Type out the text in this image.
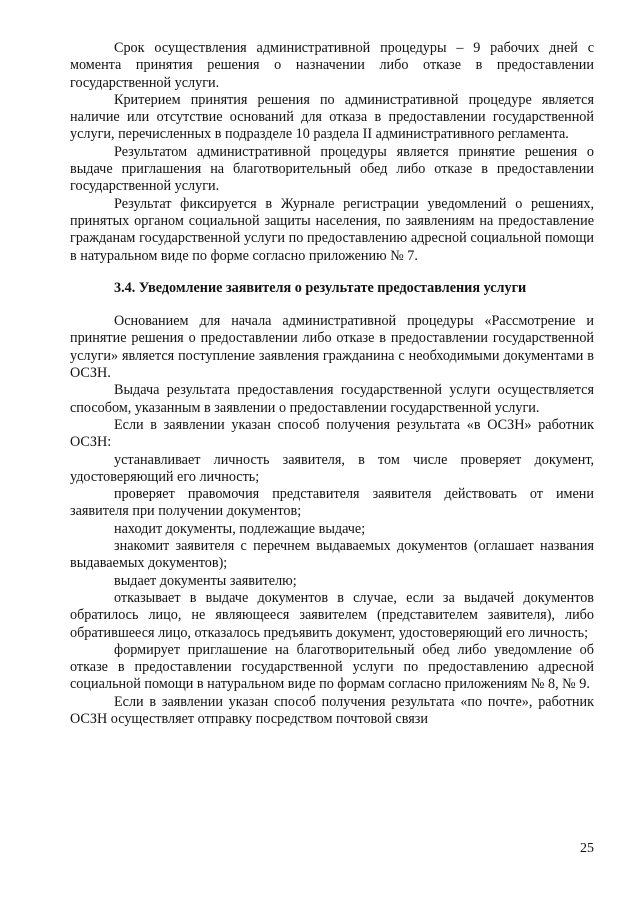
Срок осуществления административной процедуры – 9 рабочих дней с момента принятия решения о назначении либо отказе в предоставлении государственной услуги.

Критерием принятия решения по административной процедуре является наличие или отсутствие оснований для отказа в предоставлении государственной услуги, перечисленных в подразделе 10 раздела II административного регламента.

Результатом административной процедуры является принятие решения о выдаче приглашения на благотворительный обед либо отказе в предоставлении государственной услуги.

Результат фиксируется в Журнале регистрации уведомлений о решениях, принятых органом социальной защиты населения, по заявлениям на предоставление гражданам государственной услуги по предоставлению адресной социальной помощи в натуральном виде по форме согласно приложению № 7.

3.4. Уведомление заявителя о результате предоставления услуги

Основанием для начала административной процедуры «Рассмотрение и принятие решения о предоставлении либо отказе в предоставлении государственной услуги» является поступление заявления гражданина с необходимыми документами в ОСЗН.

Выдача результата предоставления государственной услуги осуществляется способом, указанным в заявлении о предоставлении государственной услуги.

Если в заявлении указан способ получения результата «в ОСЗН» работник ОСЗН:

устанавливает личность заявителя, в том числе проверяет документ, удостоверяющий его личность;

проверяет правомочия представителя заявителя действовать от имени заявителя при получении документов;

находит документы, подлежащие выдаче;

знакомит заявителя с перечнем выдаваемых документов (оглашает названия выдаваемых документов);

выдает документы заявителю;

отказывает в выдаче документов в случае, если за выдачей документов обратилось лицо, не являющееся заявителем (представителем заявителя), либо обратившееся лицо, отказалось предъявить документ, удостоверяющий его личность;

формирует приглашение на благотворительный обед либо уведомление об отказе в предоставлении государственной услуги по предоставлению адресной социальной помощи в натуральном виде по формам согласно приложениям № 8, № 9.

Если в заявлении указан способ получения результата «по почте», работник ОСЗН осуществляет отправку посредством почтовой связи

25
